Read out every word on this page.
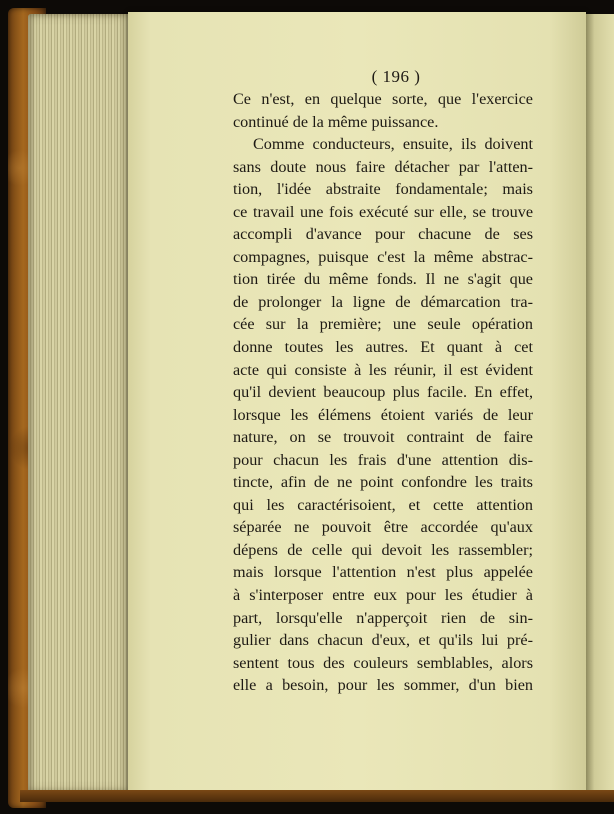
( 196 )
Ce n'est, en quelque sorte, que l'exercice
continué de la même puissance.
Comme conducteurs, ensuite, ils doivent
sans doute nous faire détacher par l'atten-
tion, l'idée abstraite fondamentale; mais
ce travail une fois exécuté sur elle, se trouve
accompli d'avance pour chacune de ses
compagnes, puisque c'est la même abstrac-
tion tirée du même fonds. Il ne s'agit que
de prolonger la ligne de démarcation tra-
cée sur la première; une seule opération
donne toutes les autres. Et quant à cet
acte qui consiste à les réunir, il est évident
qu'il devient beaucoup plus facile. En effet,
lorsque les élémens étoient variés de leur
nature, on se trouvoit contraint de faire
pour chacun les frais d'une attention dis-
tincte, afin de ne point confondre les traits
qui les caractérisoient, et cette attention
séparée ne pouvoit être accordée qu'aux
dépens de celle qui devoit les rassembler;
mais lorsque l'attention n'est plus appelée
à s'interposer entre eux pour les étudier à
part, lorsqu'elle n'apperçoit rien de sin-
gulier dans chacun d'eux, et qu'ils lui pré-
sentent tous des couleurs semblables, alors
elle a besoin, pour les sommer, d'un bien
